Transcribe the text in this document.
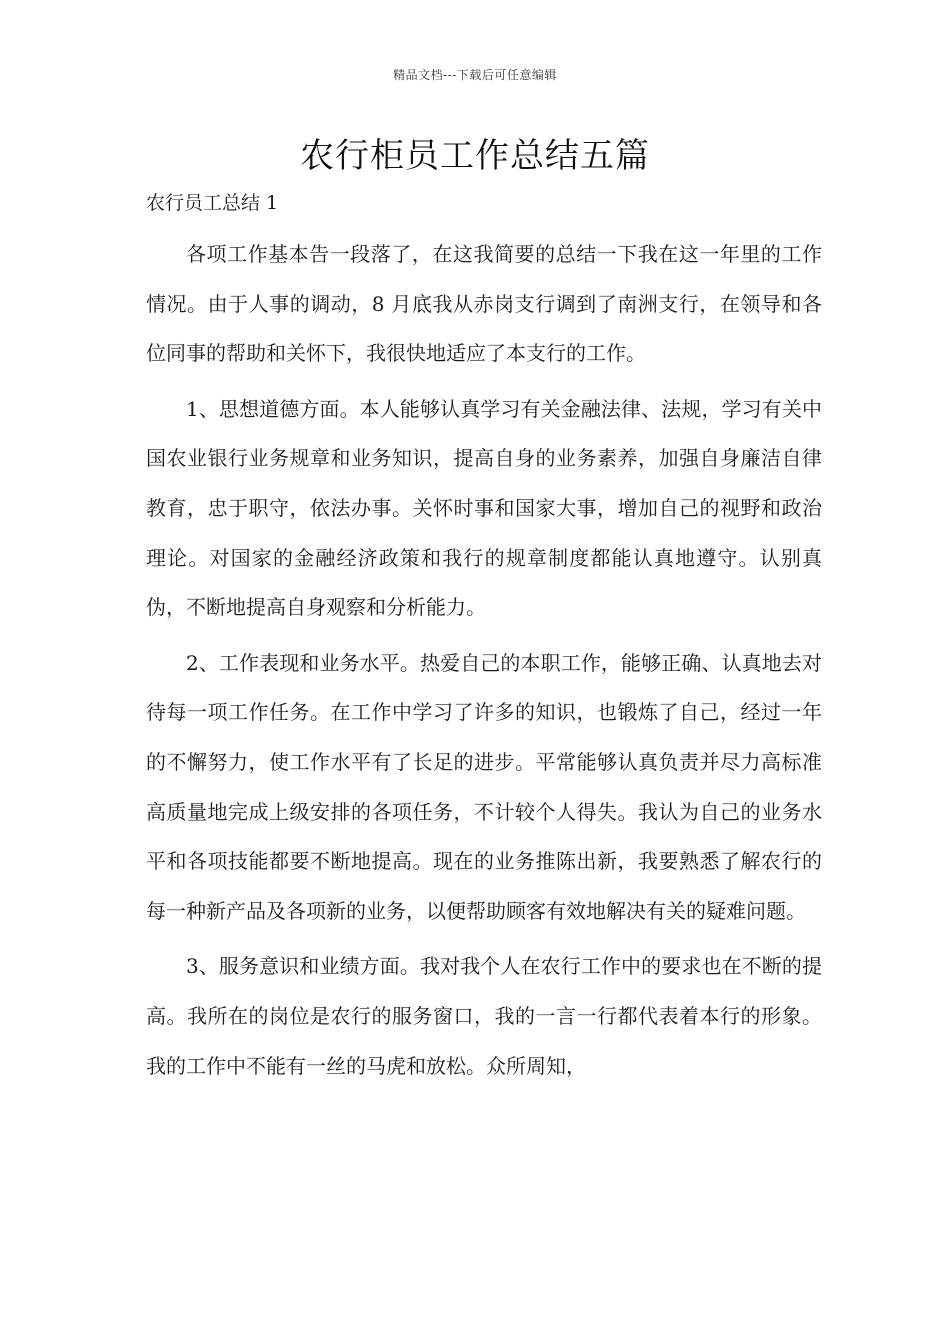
精品文档---下载后可任意编辑
农行柜员工作总结五篇
农行员工总结 1

各项工作基本告一段落了，在这我简要的总结一下我在这一年里的工作情况。由于人事的调动，8 月底我从赤岗支行调到了南洲支行，在领导和各位同事的帮助和关怀下，我很快地适应了本支行的工作。

1、思想道德方面。本人能够认真学习有关金融法律、法规，学习有关中国农业银行业务规章和业务知识，提高自身的业务素养，加强自身廉洁自律教育，忠于职守，依法办事。关怀时事和国家大事，增加自己的视野和政治理论。对国家的金融经济政策和我行的规章制度都能认真地遵守。认别真伪，不断地提高自身观察和分析能力。

2、工作表现和业务水平。热爱自己的本职工作，能够正确、认真地去对待每一项工作任务。在工作中学习了许多的知识，也锻炼了自己，经过一年的不懈努力，使工作水平有了长足的进步。平常能够认真负责并尽力高标准高质量地完成上级安排的各项任务，不计较个人得失。我认为自己的业务水平和各项技能都要不断地提高。现在的业务推陈出新，我要熟悉了解农行的每一种新产品及各项新的业务，以便帮助顾客有效地解决有关的疑难问题。

3、服务意识和业绩方面。我对我个人在农行工作中的要求也在不断的提高。我所在的岗位是农行的服务窗口，我的一言一行都代表着本行的形象。我的工作中不能有一丝的马虎和放松。众所周知，
